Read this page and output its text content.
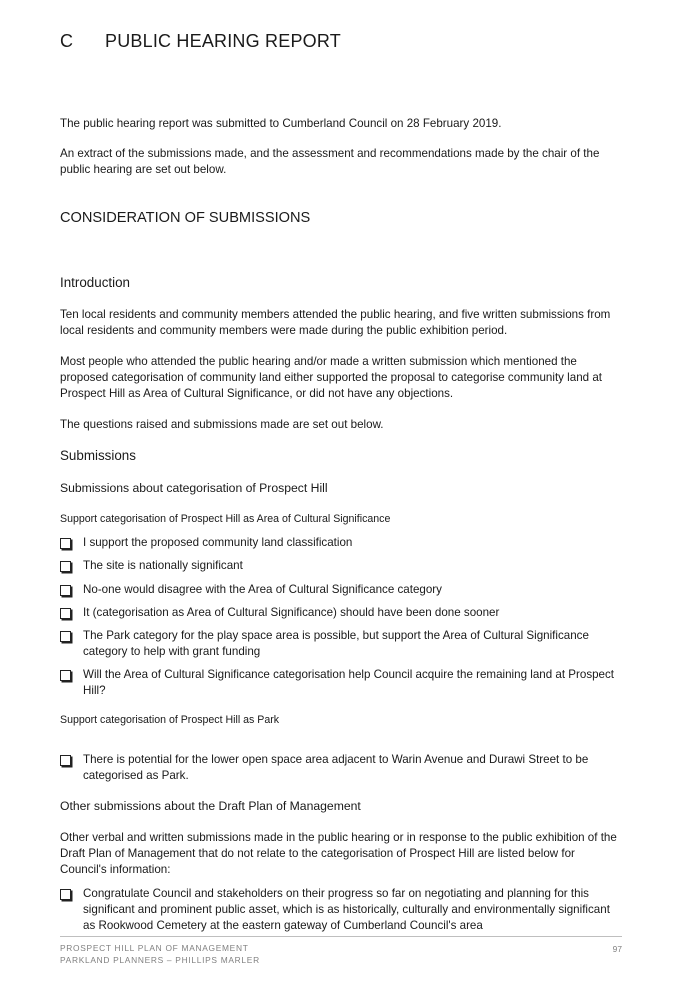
C PUBLIC HEARING REPORT

The public hearing report was submitted to Cumberland Council on 28 February 2019.

An extract of the submissions made, and the assessment and recommendations made by the chair of the public hearing are set out below.

CONSIDERATION OF SUBMISSIONS
Introduction

Ten local residents and community members attended the public hearing, and five written submissions from local residents and community members were made during the public exhibition period.

Most people who attended the public hearing and/or made a written submission which mentioned the proposed categorisation of community land either supported the proposal to categorise community land at Prospect Hill as Area of Cultural Significance, or did not have any objections.

The questions raised and submissions made are set out below.

Submissions
Submissions about categorisation of Prospect Hill
Support categorisation of Prospect Hill as Area of Cultural Significance
I support the proposed community land classification
The site is nationally significant
No-one would disagree with the Area of Cultural Significance category
It (categorisation as Area of Cultural Significance) should have been done sooner
The Park category for the play space area is possible, but support the Area of Cultural Significance category to help with grant funding
Will the Area of Cultural Significance categorisation help Council acquire the remaining land at Prospect Hill?
Support categorisation of Prospect Hill as Park
There is potential for the lower open space area adjacent to Warin Avenue and Durawi Street to be categorised as Park.
Other submissions about the Draft Plan of Management

Other verbal and written submissions made in the public hearing or in response to the public exhibition of the Draft Plan of Management that do not relate to the categorisation of Prospect Hill are listed below for Council's information:

Congratulate Council and stakeholders on their progress so far on negotiating and planning for this significant and prominent public asset, which is as historically, culturally and environmentally significant as Rookwood Cemetery at the eastern gateway of Cumberland Council's area
PROSPECT HILL PLAN OF MANAGEMENT
PARKLAND PLANNERS – PHILLIPS MARLER
97
